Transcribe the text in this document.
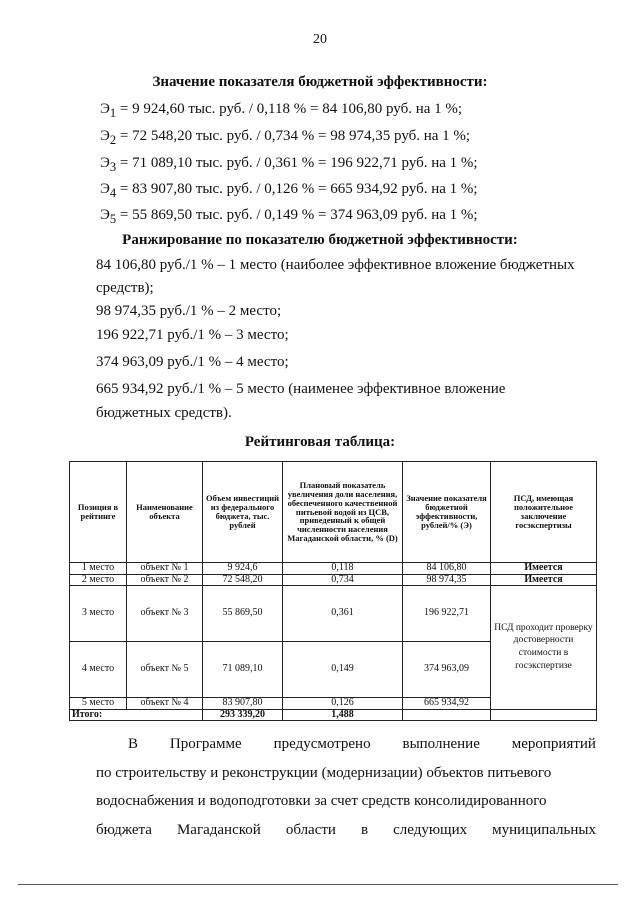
20
Значение показателя бюджетной эффективности:
$Э_1 = 9$ 924,60 тыс. руб. / 0,118 % = 84 106,80 руб. на 1 %;
$Э_2 = 72$ 548,20 тыс. руб. / 0,734 % = 98 974,35 руб. на 1 %;
$Э_3 = 71$ 089,10 тыс. руб. / 0,361 % = 196 922,71 руб. на 1 %;
$Э_4 = 83$ 907,80 тыс. руб. / 0,126 % = 665 934,92 руб. на 1 %;
$Э_5 = 55$ 869,50 тыс. руб. / 0,149 % = 374 963,09 руб. на 1 %;
Ранжирование по показателю бюджетной эффективности:
84 106,80 руб./1 % – 1 место (наиболее эффективное вложение бюджетных
средств);
98 974,35 руб./1 % – 2 место;
196 922,71 руб./1 % – 3 место;
374 963,09 руб./1 % – 4 место;
665 934,92 руб./1 % – 5 место (наименее эффективное вложение
бюджетных средств).
Рейтинговая таблица:
Позиция в рейтинге	Наименование объекта	Объем инвестиций из федерального бюджета, тыс. рублей	Плановый показатель увеличения доли населения, обеспеченного качественной питьевой водой из ЦСВ, приведенный к общей численности населения Магаданской области, % (D)	Значение показателя бюджетной эффективности, рублей/% (Э)	ПСД, имеющая положительное заключение госэкспертизы
1 место	объект № 1	9 924,6	0,118	84 106,80	Имеется
2 место	объект № 2	72 548,20	0,734	98 974,35	Имеется
3 место	объект № 3	55 869,50	0,361	196 922,71	ПСД проходит проверку достоверности стоимости в госэкспертизе
4 место	объект № 5	71 089,10	0,149	374 963,09	
5 место	объект № 4	83 907,80	0,126	665 934,92	
Итого:		293 339,20	1,488		
В Программе предусмотрено выполнение мероприятий
по строительству и реконструкции (модернизации) объектов питьевого
водоснабжения и водоподготовки за счет средств консолидированного
бюджета Магаданской области в следующих муниципальных
